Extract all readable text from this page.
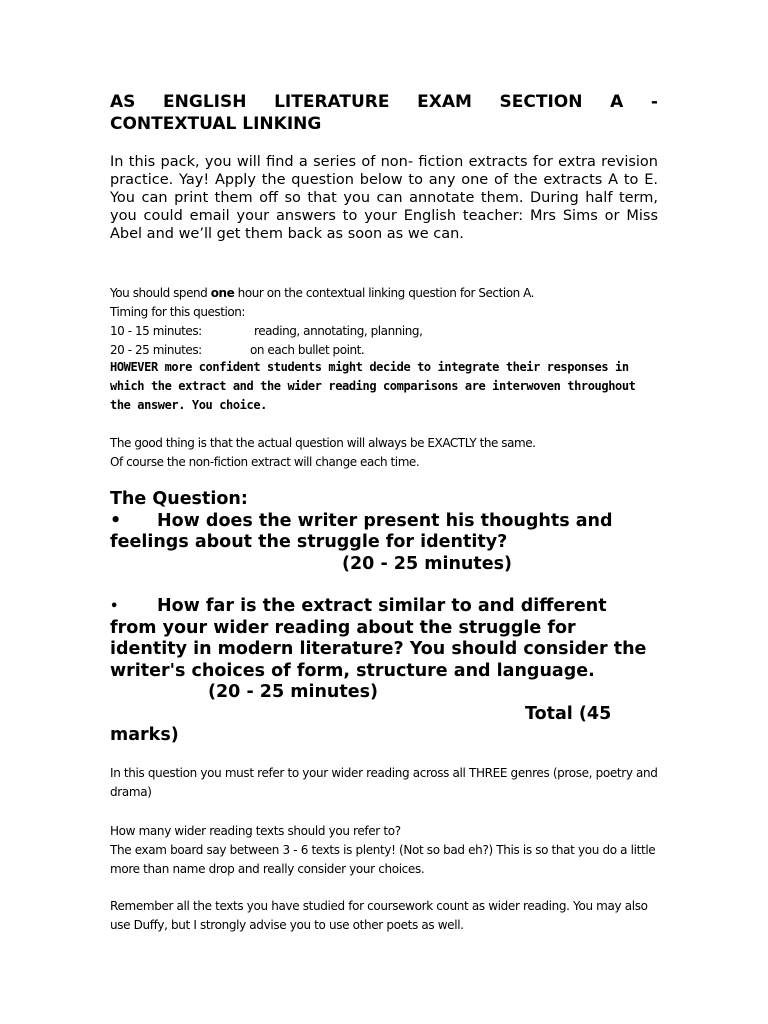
AS ENGLISH LITERATURE EXAM SECTION A -
CONTEXTUAL LINKING

In this pack, you will find a series of non- fiction extracts for extra revision practice. Yay! Apply the question below to any one of the extracts A to E. You can print them off so that you can annotate them. During half term, you could email your answers to your English teacher: Mrs Sims or Miss Abel and we’ll get them back as soon as we can.

You should spend one hour on the contextual linking question for Section A.
Timing for this question:
10 - 15 minutes:	reading, annotating, planning,
20 - 25 minutes:	on each bullet point.

HOWEVER more confident students might decide to integrate their responses in which the extract and the wider reading comparisons are interwoven throughout the answer. You choice.

The good thing is that the actual question will always be EXACTLY the same.
Of course the non-fiction extract will change each time.
The Question:
•	How does the writer present his thoughts and
feelings about the struggle for identity?
(20 - 25 minutes)
•	How far is the extract similar to and different
from your wider reading about the struggle for identity in modern literature? You should consider the writer's choices of form, structure and language.
(20 - 25 minutes)
Total (45
marks)

In this question you must refer to your wider reading across all THREE genres (prose, poetry and drama)

How many wider reading texts should you refer to?
The exam board say between 3 - 6 texts is plenty! (Not so bad eh?) This is so that you do a little more than name drop and really consider your choices.

Remember all the texts you have studied for coursework count as wider reading. You may also use Duffy, but I strongly advise you to use other poets as well.
